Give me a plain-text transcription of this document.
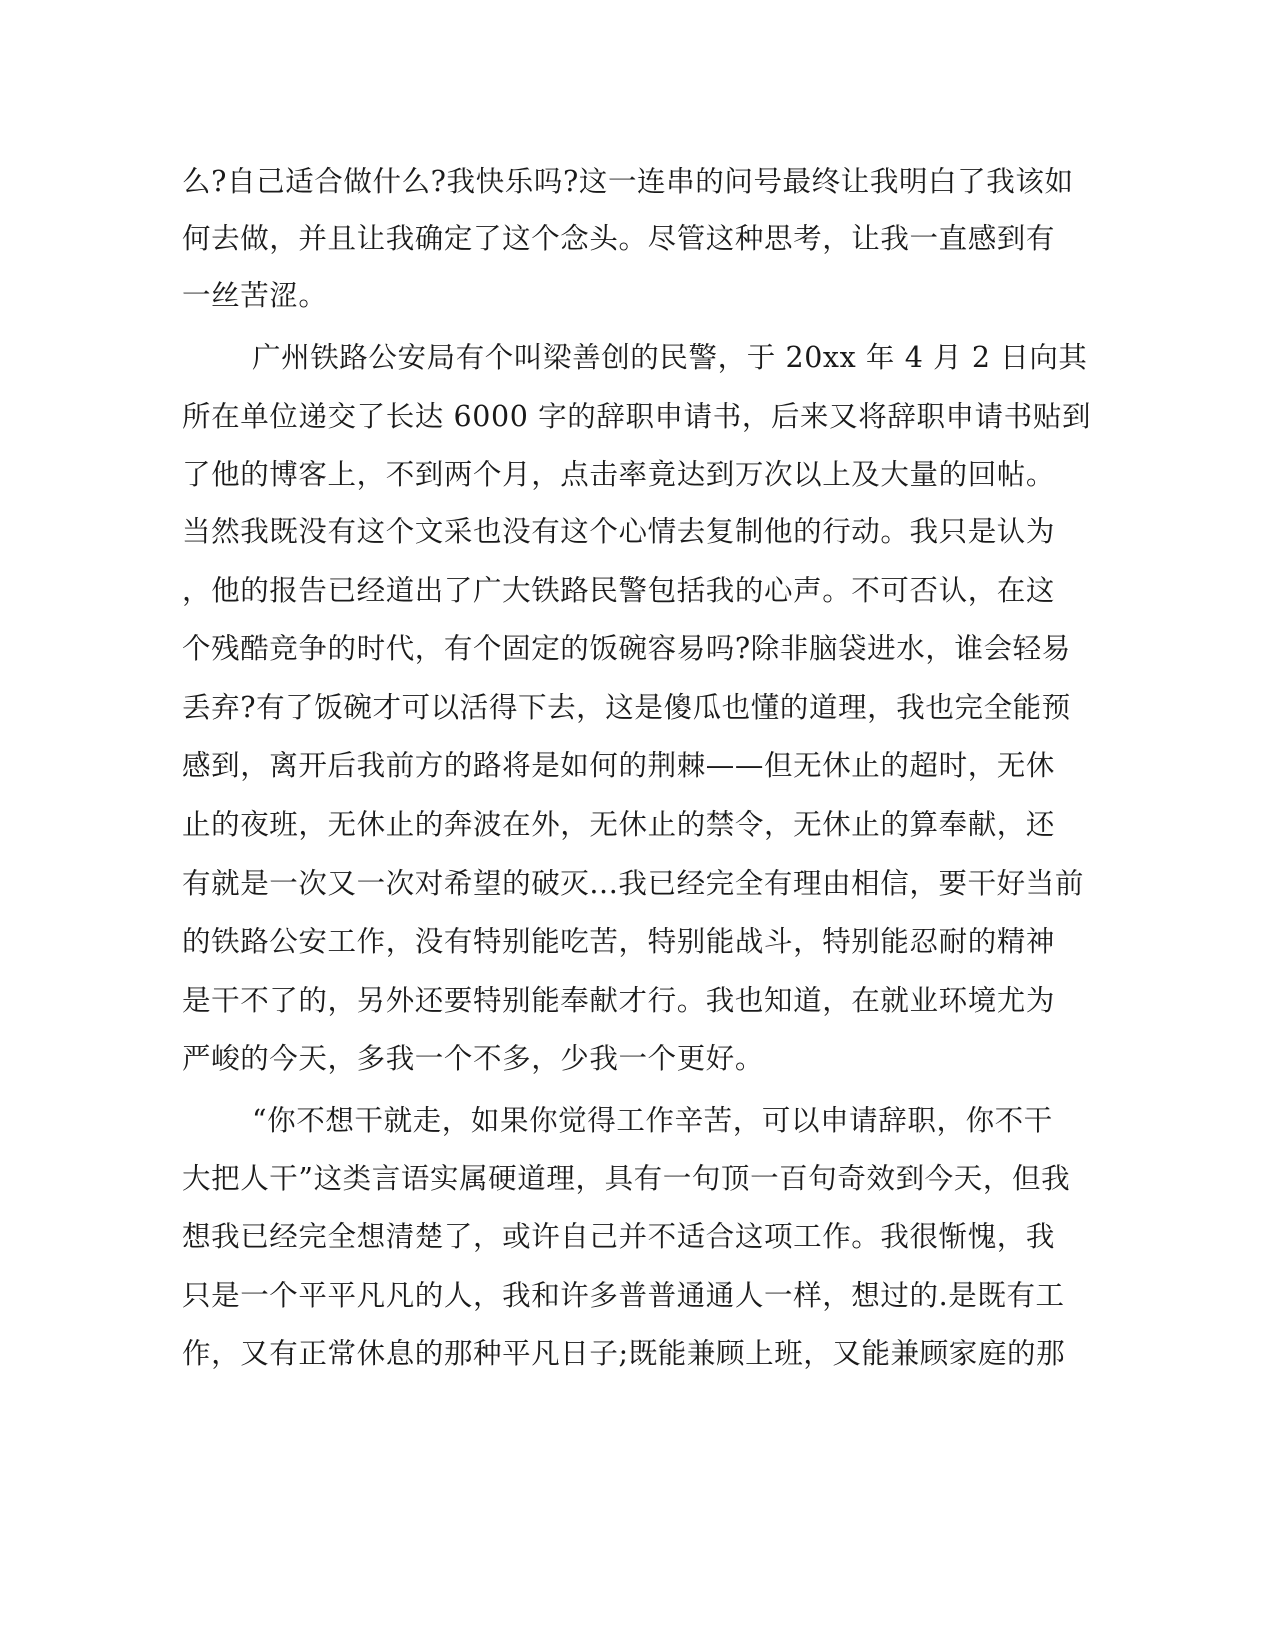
么?自己适合做什么?我快乐吗?这一连串的问号最终让我明白了我该如
何去做，并且让我确定了这个念头。尽管这种思考，让我一直感到有
一丝苦涩。
广州铁路公安局有个叫梁善创的民警，于 20xx 年 4 月 2 日向其
所在单位递交了长达 6000 字的辞职申请书，后来又将辞职申请书贴到
了他的博客上，不到两个月，点击率竟达到万次以上及大量的回帖。
当然我既没有这个文采也没有这个心情去复制他的行动。我只是认为
，他的报告已经道出了广大铁路民警包括我的心声。不可否认，在这
个残酷竞争的时代，有个固定的饭碗容易吗?除非脑袋进水，谁会轻易
丢弃?有了饭碗才可以活得下去，这是傻瓜也懂的道理，我也完全能预
感到，离开后我前方的路将是如何的荆棘——但无休止的超时，无休
止的夜班，无休止的奔波在外，无休止的禁令，无休止的算奉献，还
有就是一次又一次对希望的破灭...我已经完全有理由相信，要干好当前
的铁路公安工作，没有特别能吃苦，特别能战斗，特别能忍耐的精神
是干不了的，另外还要特别能奉献才行。我也知道，在就业环境尤为
严峻的今天，多我一个不多，少我一个更好。
“你不想干就走，如果你觉得工作辛苦，可以申请辞职，你不干
大把人干”这类言语实属硬道理，具有一句顶一百句奇效到今天，但我
想我已经完全想清楚了，或许自己并不适合这项工作。我很惭愧，我
只是一个平平凡凡的人，我和许多普普通通人一样，想过的.是既有工
作，又有正常休息的那种平凡日子;既能兼顾上班，又能兼顾家庭的那
